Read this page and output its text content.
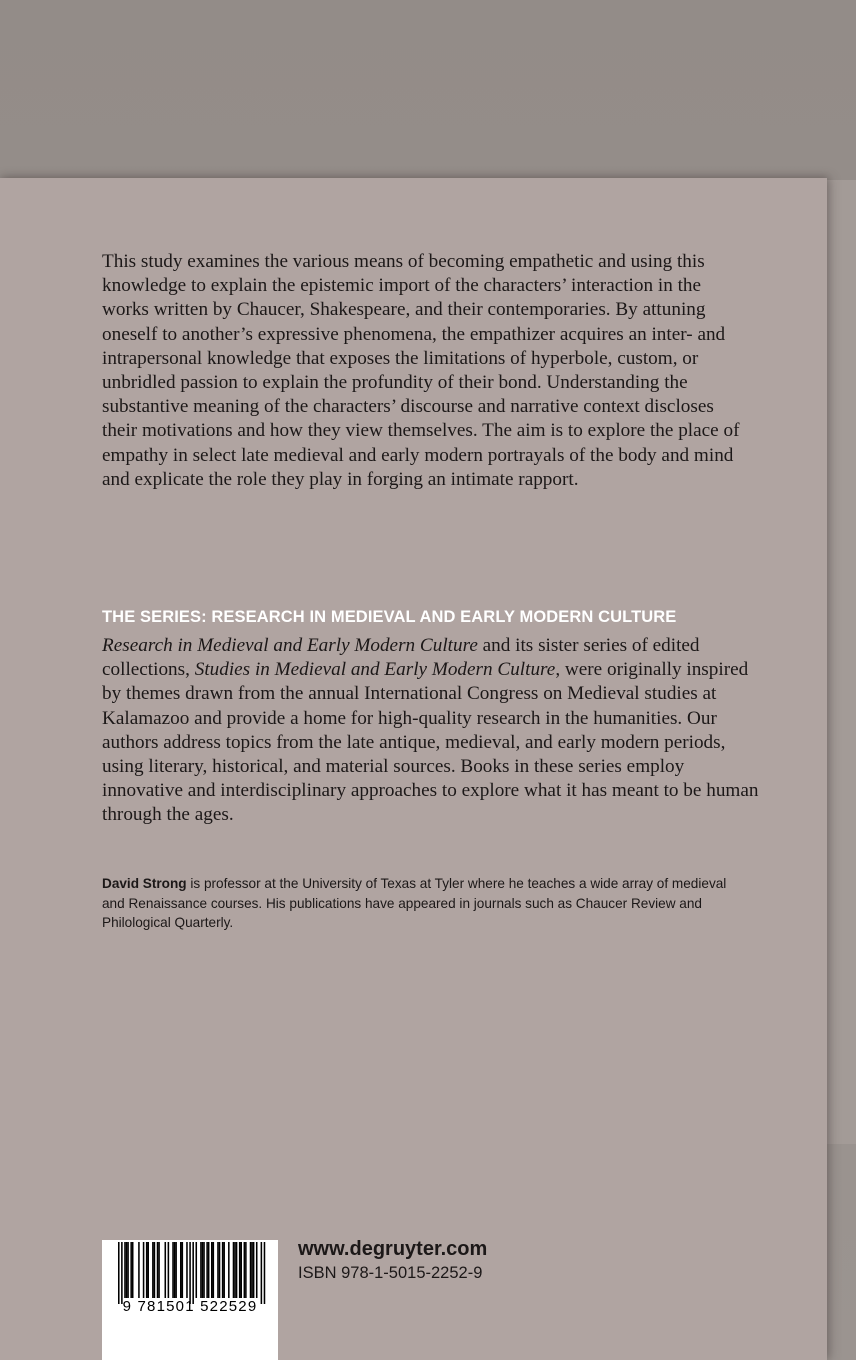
This study examines the various means of becoming empathetic and using this knowledge to explain the epistemic import of the characters’ interaction in the works written by Chaucer, Shakespeare, and their contemporaries. By attuning oneself to another’s expressive phenomena, the empathizer acquires an inter- and intrapersonal knowledge that exposes the limitations of hyperbole, custom, or unbridled passion to explain the profundity of their bond. Understanding the substantive meaning of the characters’ discourse and narrative context discloses their motivations and how they view themselves. The aim is to explore the place of empathy in select late medieval and early modern portrayals of the body and mind and explicate the role they play in forging an intimate rapport.

THE SERIES: RESEARCH IN MEDIEVAL AND EARLY MODERN CULTURE

Research in Medieval and Early Modern Culture and its sister series of edited collections, Studies in Medieval and Early Modern Culture, were originally inspired by themes drawn from the annual International Congress on Medieval studies at Kalamazoo and provide a home for high-quality research in the humanities. Our authors address topics from the late antique, medieval, and early modern periods, using literary, historical, and material sources. Books in these series employ innovative and interdisciplinary approaches to explore what it has meant to be human through the ages.

David Strong is professor at the University of Texas at Tyler where he teaches a wide array of medieval and Renaissance courses. His publications have appeared in journals such as Chaucer Review and Philological Quarterly.

9 781501 522529
www.degruyter.com
ISBN 978-1-5015-2252-9
